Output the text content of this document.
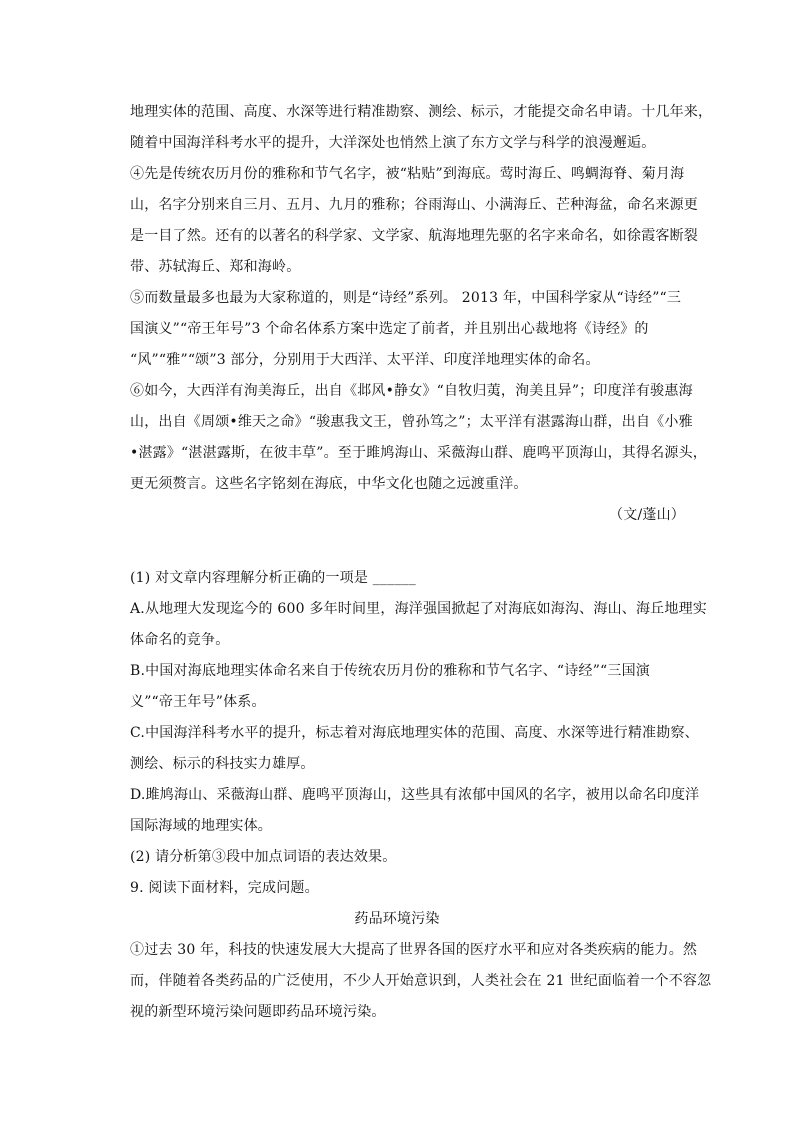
地理实体的范围、高度、水深等进行精准勘察、测绘、标示，才能提交命名申请。十几年来，
随着中国海洋科考水平的提升，大洋深处也悄然上演了东方文学与科学的浪漫邂逅。
④先是传统农历月份的雅称和节气名字，被“粘贴”到海底。莺时海丘、鸣蜩海脊、菊月海
山，名字分别来自三月、五月、九月的雅称；谷雨海山、小满海丘、芒种海盆，命名来源更
是一目了然。还有的以著名的科学家、文学家、航海地理先驱的名字来命名，如徐霞客断裂
带、苏轼海丘、郑和海岭。
⑤而数量最多也最为大家称道的，则是“诗经”系列。 2013 年，中国科学家从“诗经”“三
国演义”“帝王年号”3 个命名体系方案中选定了前者，并且别出心裁地将《诗经》的
“风”“雅”“颂”3 部分，分别用于大西洋、太平洋、印度洋地理实体的命名。
⑥如今，大西洋有洵美海丘，出自《邶风•静女》“自牧归荑，洵美且异”；印度洋有骏惠海
山，出自《周颂•维天之命》“骏惠我文王，曾孙笃之”；太平洋有湛露海山群，出自《小雅
•湛露》“湛湛露斯，在彼丰草”。至于雎鸠海山、采薇海山群、鹿鸣平顶海山，其得名源头，
更无须赘言。这些名字铭刻在海底，中华文化也随之远渡重洋。
（文/蓬山）
(1) 对文章内容理解分析正确的一项是 ______
A.从地理大发现迄今的 600 多年时间里，海洋强国掀起了对海底如海沟、海山、海丘地理实
体命名的竞争。
B.中国对海底地理实体命名来自于传统农历月份的雅称和节气名字、“诗经”“三国演
义”“帝王年号”体系。
C.中国海洋科考水平的提升，标志着对海底地理实体的范围、高度、水深等进行精准勘察、
测绘、标示的科技实力雄厚。
D.雎鸠海山、采薇海山群、鹿鸣平顶海山，这些具有浓郁中国风的名字，被用以命名印度洋
国际海域的地理实体。
(2) 请分析第③段中加点词语的表达效果。
9. 阅读下面材料，完成问题。
药品环境污染
①过去 30 年，科技的快速发展大大提高了世界各国的医疗水平和应对各类疾病的能力。然
而，伴随着各类药品的广泛使用，不少人开始意识到，人类社会在 21 世纪面临着一个不容忽
视的新型环境污染问题即药品环境污染。
